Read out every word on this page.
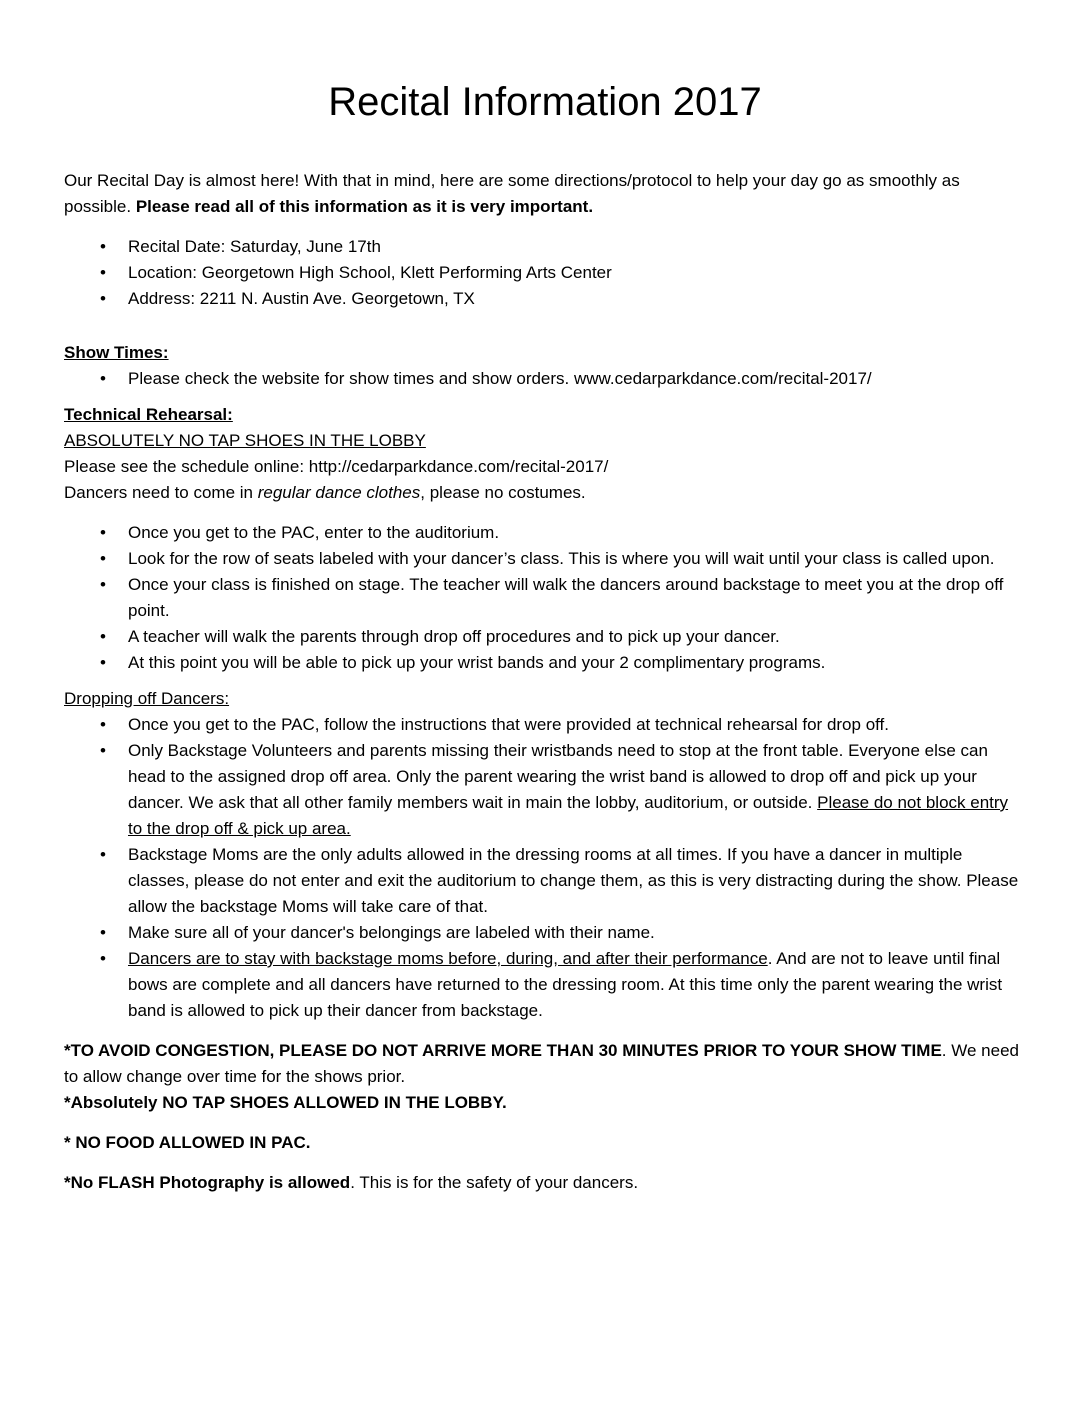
Recital Information 2017

Our Recital Day is almost here! With that in mind, here are some directions/protocol to help your day go as smoothly as possible. Please read all of this information as it is very important.

• Recital Date: Saturday, June 17th
• Location: Georgetown High School, Klett Performing Arts Center
• Address: 2211 N. Austin Ave. Georgetown, TX

Show Times:

• Please check the website for show times and show orders. www.cedarparkdance.com/recital-2017/

Technical Rehearsal:

ABSOLUTELY NO TAP SHOES IN THE LOBBY

Please see the schedule online: http://cedarparkdance.com/recital-2017/

Dancers need to come in regular dance clothes, please no costumes.

• Once you get to the PAC, enter to the auditorium.
• Look for the row of seats labeled with your dancer’s class. This is where you will wait until your class is called upon.
• Once your class is finished on stage. The teacher will walk the dancers around backstage to meet you at the drop off point.
• A teacher will walk the parents through drop off procedures and to pick up your dancer.
• At this point you will be able to pick up your wrist bands and your 2 complimentary programs.

Dropping off Dancers:

• Once you get to the PAC, follow the instructions that were provided at technical rehearsal for drop off.
• Only Backstage Volunteers and parents missing their wristbands need to stop at the front table. Everyone else can head to the assigned drop off area. Only the parent wearing the wrist band is allowed to drop off and pick up your dancer. We ask that all other family members wait in main the lobby, auditorium, or outside. Please do not block entry to the drop off & pick up area.
• Backstage Moms are the only adults allowed in the dressing rooms at all times. If you have a dancer in multiple classes, please do not enter and exit the auditorium to change them, as this is very distracting during the show. Please allow the backstage Moms will take care of that.
• Make sure all of your dancer's belongings are labeled with their name.
• Dancers are to stay with backstage moms before, during, and after their performance. And are not to leave until final bows are complete and all dancers have returned to the dressing room. At this time only the parent wearing the wrist band is allowed to pick up their dancer from backstage.

*TO AVOID CONGESTION, PLEASE DO NOT ARRIVE MORE THAN 30 MINUTES PRIOR TO YOUR SHOW TIME. We need to allow change over time for the shows prior.

*Absolutely NO TAP SHOES ALLOWED IN THE LOBBY.

* NO FOOD ALLOWED IN PAC.

*No FLASH Photography is allowed. This is for the safety of your dancers.
